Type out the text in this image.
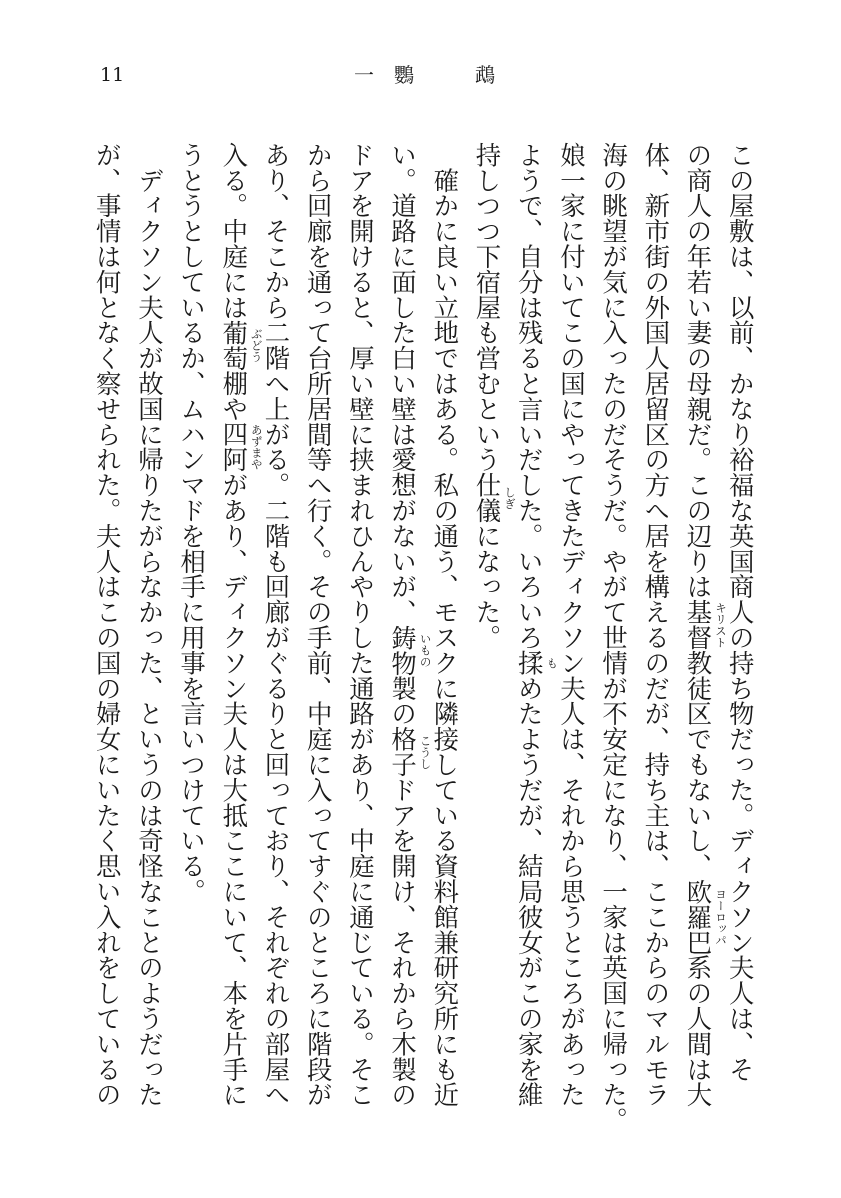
11	一 鸚	鵡
この屋敷は、以前、かなり裕福な英国商人の持ち物だった。ディクソン夫人は、そ
の商人の年若い妻の母親だ。この辺りは基督 キリスト
教徒区でもないし、欧羅巴 ヨーロッパ
系の人間は大
体、新市街の外国人居留区の方へ居を構えるのだが、持ち主は、ここからのマルモラ
海の眺望が気に入ったのだそうだ。やがて世情が不安定になり、一家は英国に帰った。
娘一家に付いてこの国にやってきたディクソン夫人は、それから思うところがあった
ようで、自分は残ると言いだした。いろいろ揉 も
めたようだが、結局彼女がこの家を維
持しつつ下宿屋も営むという仕儀 しぎ
になった。
　確かに良い立地ではある。私の通う、モスクに隣接している資料館兼研究所にも近
い。道路に面した白い壁は愛想がないが、鋳物 いもの
製の格子 こうし
ドアを開け、それから木製の
ドアを開けると、厚い壁に挟まれひんやりした通路があり、中庭に通じている。そこ
から回廊を通って台所居間等へ行く。その手前、中庭に入ってすぐのところに階段が
あり、そこから二階へ上がる。二階も回廊がぐるりと回っており、それぞれの部屋へ
入る。中庭には葡萄 ぶどう
棚や四阿 あずまや
があり、ディクソン夫人は大抵ここにいて、本を片手に
うとうとしているか、ムハンマドを相手に用事を言いつけている。
　ディクソン夫人が故国に帰りたがらなかった、というのは奇怪なことのようだった
が、事情は何となく察せられた。夫人はこの国の婦女にいたく思い入れをしているの
